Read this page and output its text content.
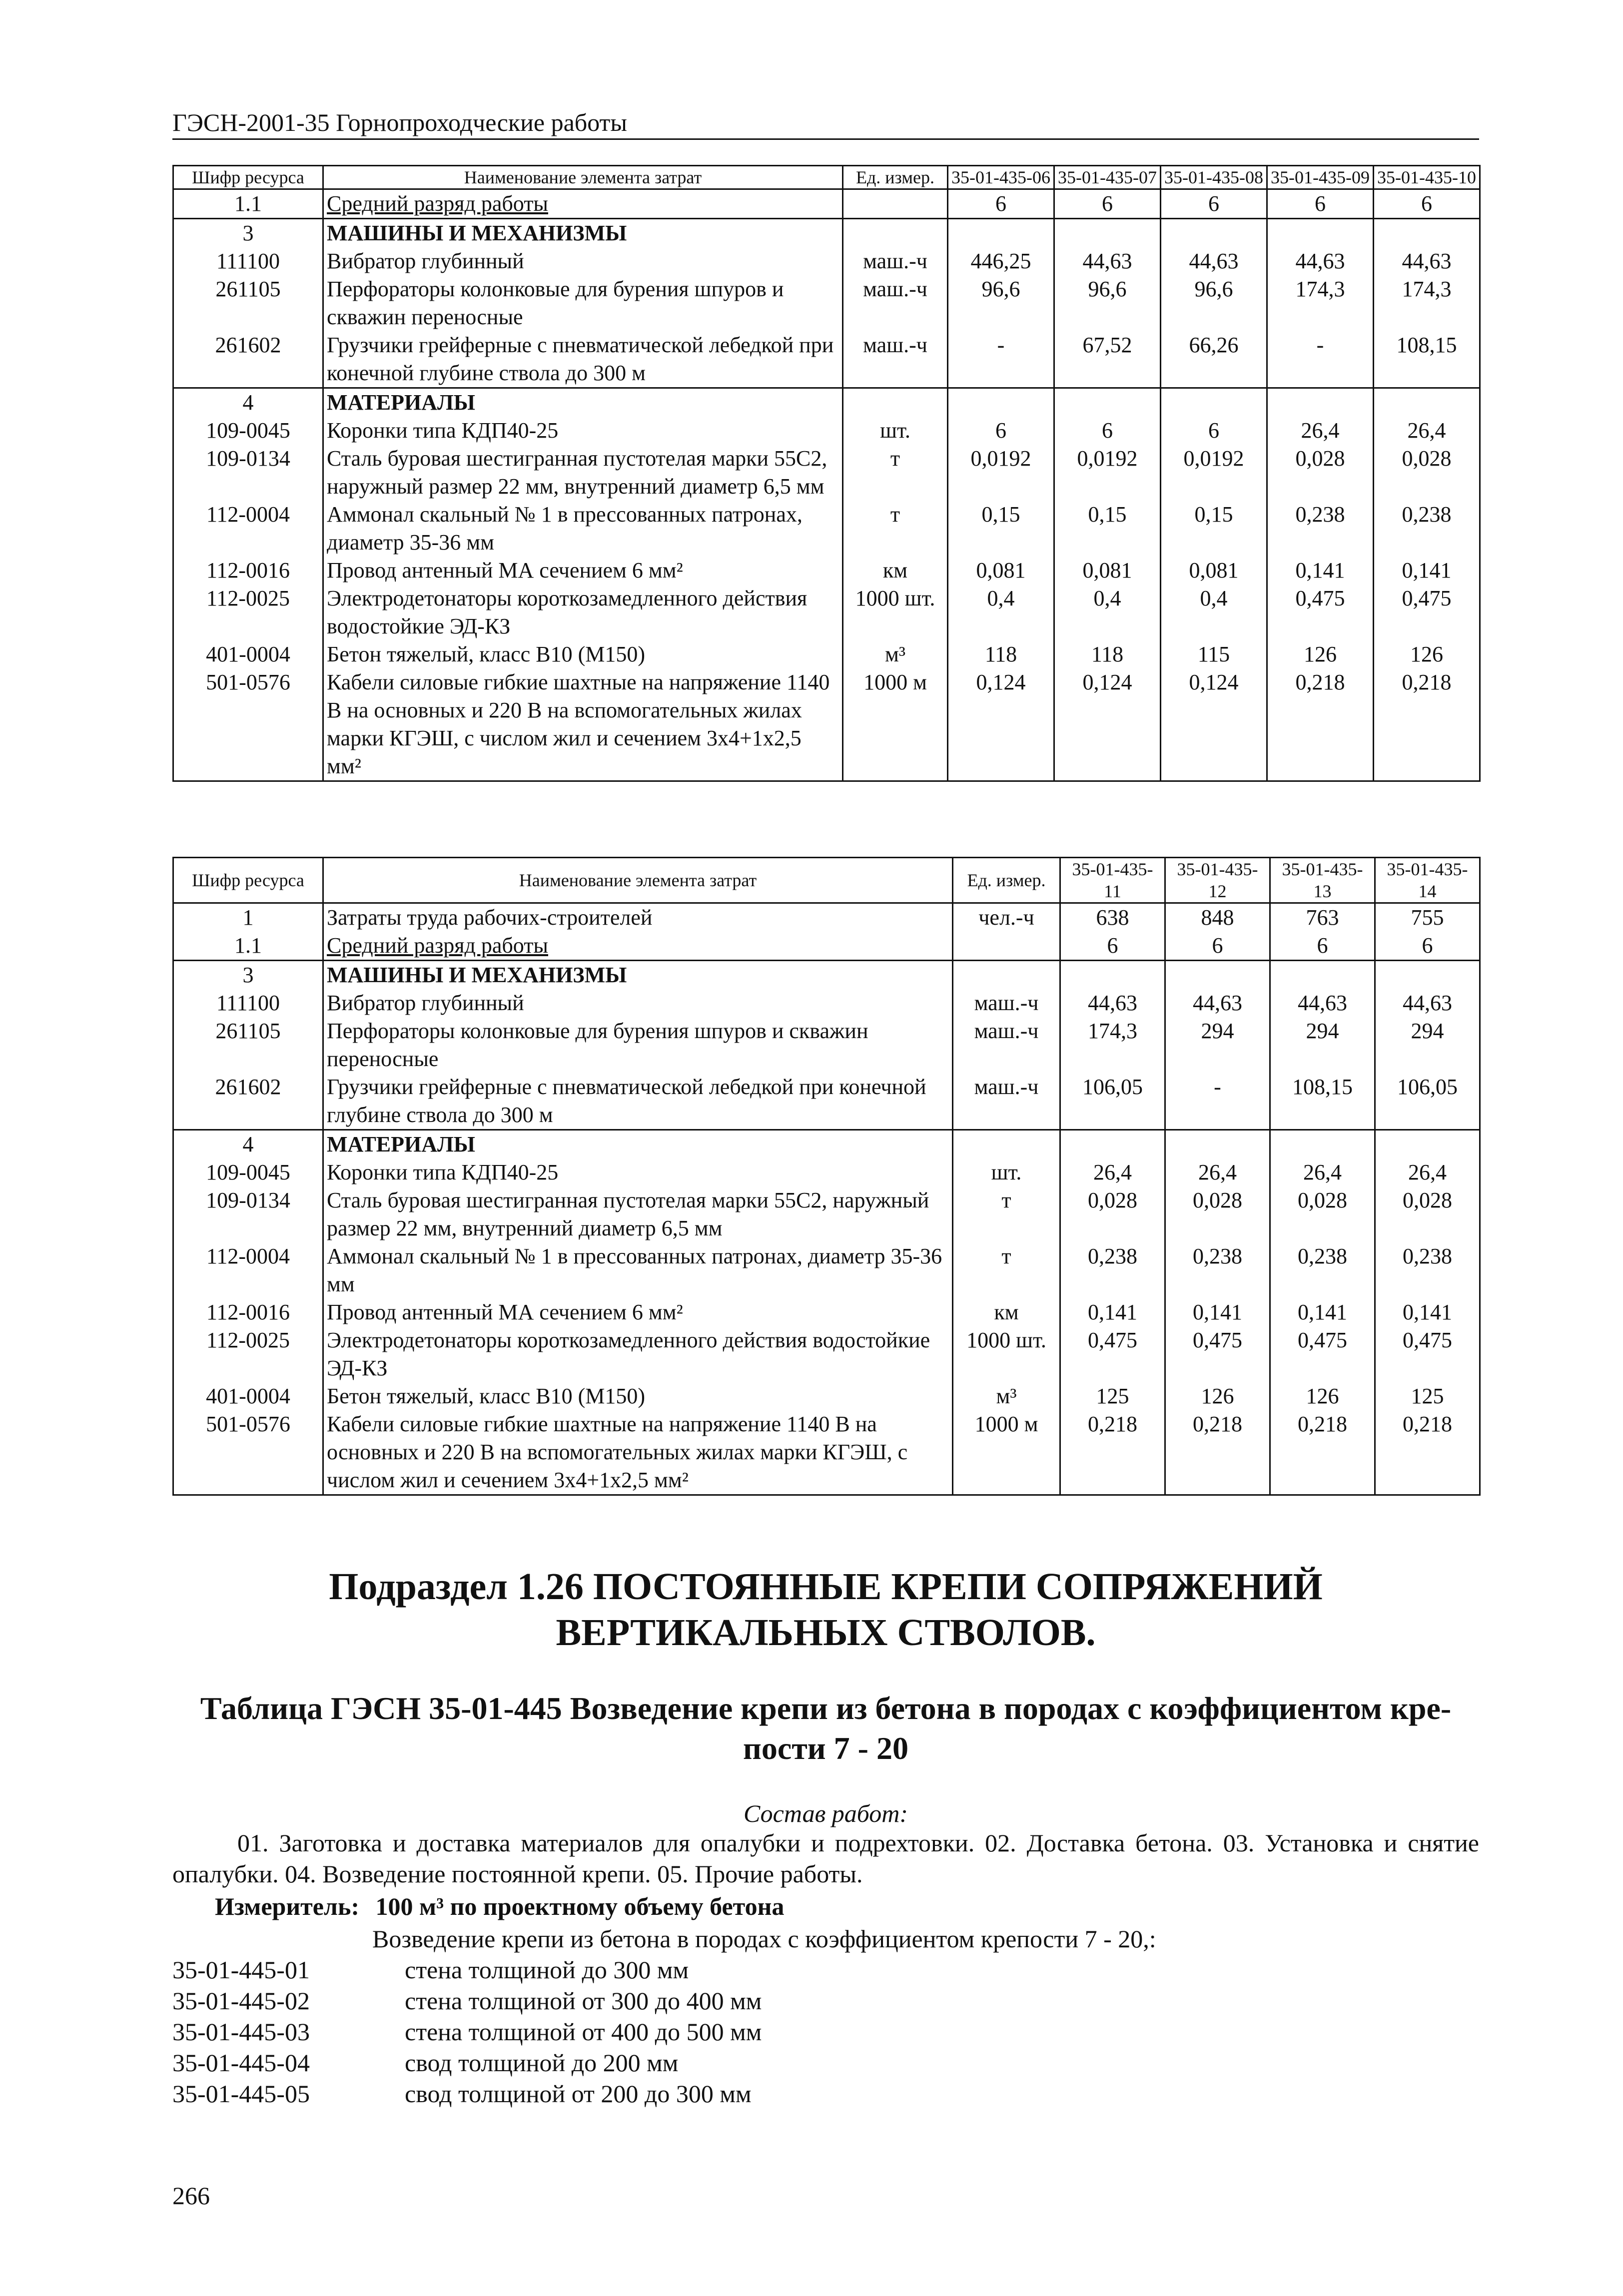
ГЭСН-2001-35 Горнопроходческие работы
Шифр ресурса	Наименование элемента затрат	Ед. измер.	35-01-435-06	35-01-435-07	35-01-435-08	35-01-435-09	35-01-435-10
1.1	Средний разряд работы		6	6	6	6	6
3	МАШИНЫ И МЕХАНИЗМЫ						
111100	Вибратор глубинный	маш.-ч	446,25	44,63	44,63	44,63	44,63
261105	Перфораторы колонковые для бурения шпуров и скважин переносные	маш.-ч	96,6	96,6	96,6	174,3	174,3
261602	Грузчики грейферные с пневматической лебедкой при конечной глубине ствола до 300 м	маш.-ч	-	67,52	66,26	-	108,15
4	МАТЕРИАЛЫ						
109-0045	Коронки типа КДП40-25	шт.	6	6	6	26,4	26,4
109-0134	Сталь буровая шестигранная пустотелая марки 55С2, наружный размер 22 мм, внутренний диаметр 6,5 мм	т	0,0192	0,0192	0,0192	0,028	0,028
112-0004	Аммонал скальный № 1 в прессованных патронах, диаметр 35-36 мм	т	0,15	0,15	0,15	0,238	0,238
112-0016	Провод антенный МА сечением 6 мм²	км	0,081	0,081	0,081	0,141	0,141
112-0025	Электродетонаторы короткозамедленного действия водостойкие ЭД-КЗ	1000 шт.	0,4	0,4	0,4	0,475	0,475
401-0004	Бетон тяжелый, класс В10 (М150)	м³	118	118	115	126	126
501-0576	Кабели силовые гибкие шахтные на напряжение 1140 В на основных и 220 В на вспомогательных жилах марки КГЭШ, с числом жил и сечением 3х4+1х2,5 мм²	1000 м	0,124	0,124	0,124	0,218	0,218
Шифр ресурса	Наименование элемента затрат	Ед. измер.	35-01-435-11	35-01-435-12	35-01-435-13	35-01-435-14
1	Затраты труда рабочих-строителей	чел.-ч	638	848	763	755
1.1	Средний разряд работы		6	6	6	6
3	МАШИНЫ И МЕХАНИЗМЫ					
111100	Вибратор глубинный	маш.-ч	44,63	44,63	44,63	44,63
261105	Перфораторы колонковые для бурения шпуров и скважин переносные	маш.-ч	174,3	294	294	294
261602	Грузчики грейферные с пневматической лебедкой при конечной глубине ствола до 300 м	маш.-ч	106,05	-	108,15	106,05
4	МАТЕРИАЛЫ					
109-0045	Коронки типа КДП40-25	шт.	26,4	26,4	26,4	26,4
109-0134	Сталь буровая шестигранная пустотелая марки 55С2, наружный размер 22 мм, внутренний диаметр 6,5 мм	т	0,028	0,028	0,028	0,028
112-0004	Аммонал скальный № 1 в прессованных патронах, диаметр 35-36 мм	т	0,238	0,238	0,238	0,238
112-0016	Провод антенный МА сечением 6 мм²	км	0,141	0,141	0,141	0,141
112-0025	Электродетонаторы короткозамедленного действия водостойкие ЭД-КЗ	1000 шт.	0,475	0,475	0,475	0,475
401-0004	Бетон тяжелый, класс В10 (М150)	м³	125	126	126	125
501-0576	Кабели силовые гибкие шахтные на напряжение 1140 В на основных и 220 В на вспомогательных жилах марки КГЭШ, с числом жил и сечением 3х4+1х2,5 мм²	1000 м	0,218	0,218	0,218	0,218
Подраздел 1.26 ПОСТОЯННЫЕ КРЕПИ СОПРЯЖЕНИЙ
ВЕРТИКАЛЬНЫХ СТВОЛОВ.
Таблица ГЭСН 35-01-445 Возведение крепи из бетона в породах с коэффициентом кре-
пости 7 - 20
Состав работ:
01. Заготовка и доставка материалов для опалубки и подрехтовки. 02. Доставка бетона. 03. Установка и снятие опалубки. 04. Возведение постоянной крепи. 05. Прочие работы.
Измеритель: 100 м³ по проектному объему бетона
Возведение крепи из бетона в породах с коэффициентом крепости 7 - 20,:
35-01-445-01	стена толщиной до 300 мм
35-01-445-02	стена толщиной от 300 до 400 мм
35-01-445-03	стена толщиной от 400 до 500 мм
35-01-445-04	свод толщиной до 200 мм
35-01-445-05	свод толщиной от 200 до 300 мм
266
